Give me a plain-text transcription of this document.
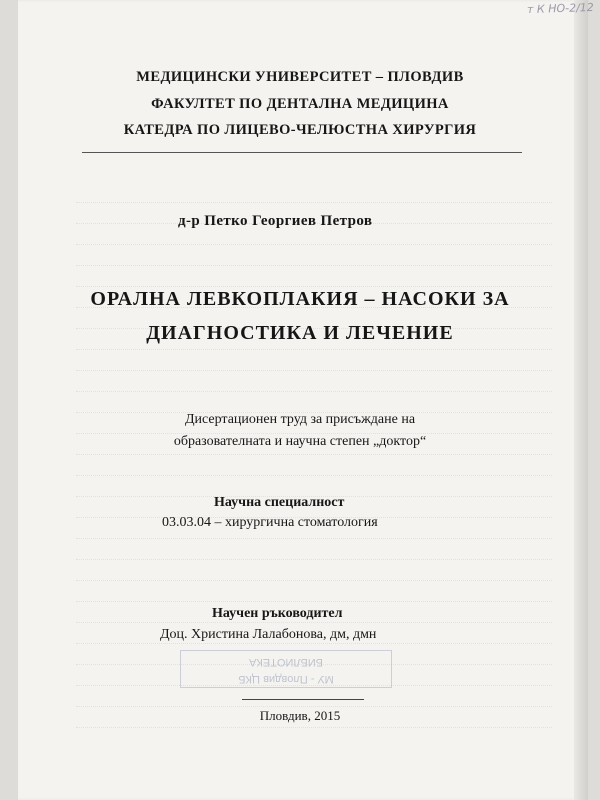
т К НО-2/12

МУ - Пловдив ЦКБ
БИБЛИОТЕКА
МЕДИЦИНСКИ УНИВЕРСИТЕТ – ПЛОВДИВ
ФАКУЛТЕТ ПО ДЕНТАЛНА МЕДИЦИНА
КАТЕДРА ПО ЛИЦЕВО-ЧЕЛЮСТНА ХИРУРГИЯ
д-р Петко Георгиев Петров
ОРАЛНА ЛЕВКОПЛАКИЯ – НАСОКИ ЗА
ДИАГНОСТИКА И ЛЕЧЕНИЕ
Дисертационен труд за присъждане на
образователната и научна степен „доктор“
Научна специалност
03.03.04 – хирургична стоматология
Научен ръководител
Доц. Христина Лалабонова, дм, дмн
Пловдив, 2015
